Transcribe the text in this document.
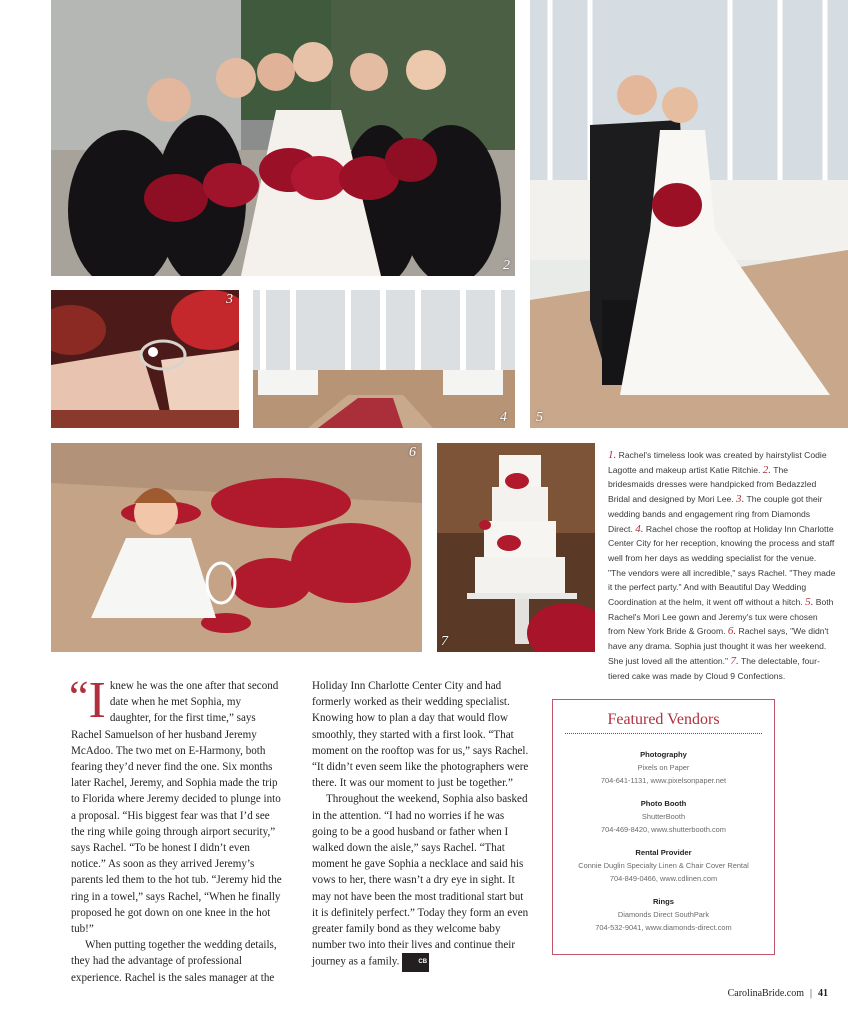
2
5
3
4
6
7
1. Rachel's timeless look was created by hairstylist Codie Lagotte and makeup artist Katie Ritchie. 2. The bridesmaids dresses were handpicked from Bedazzled Bridal and designed by Mori Lee. 3. The couple got their wedding bands and engagement ring from Diamonds Direct. 4. Rachel chose the rooftop at Holiday Inn Charlotte Center City for her reception, knowing the process and staff well from her days as wedding specialist for the venue. "The vendors were all incredible," says Rachel. "They made it the perfect party." And with Beautiful Day Wedding Coordination at the helm, it went off without a hitch. 5. Both Rachel's Mori Lee gown and Jeremy's tux were chosen from New York Bride & Groom. 6. Rachel says, "We didn't have any drama. Sophia just thought it was her weekend. She just loved all the attention." 7. The delectable, four-tiered cake was made by Cloud 9 Confections.
“ I knew he was the one after that second date when he met Sophia, my daughter, for the first time,” says Rachel Samuelson of her husband Jeremy McAdoo. The two met on E-Harmony, both fearing they’d never find the one. Six months later Rachel, Jeremy, and Sophia made the trip to Florida where Jeremy decided to plunge into a proposal. “His biggest fear was that I’d see the ring while going through airport security,” says Rachel. “To be honest I didn’t even notice.” As soon as they arrived Jeremy’s parents led them to the hot tub. “Jeremy hid the ring in a towel,” says Rachel, “When he finally proposed he got down on one knee in the hot tub!”

When putting together the wedding details, they had the advantage of professional experience. Rachel is the sales manager at the

Holiday Inn Charlotte Center City and had formerly worked as their wedding specialist. Knowing how to plan a day that would flow smoothly, they started with a first look. “That moment on the rooftop was for us,” says Rachel. “It didn’t even seem like the photographers were there. It was our moment to just be together.”

Throughout the weekend, Sophia also basked in the attention. “I had no worries if he was going to be a good husband or father when I walked down the aisle,” says Rachel. “That moment he gave Sophia a necklace and said his vows to her, there wasn’t a dry eye in sight. It may not have been the most traditional start but it is definitely perfect.” Today they form an even greater family bond as they welcome baby number two into their lives and continue their journey as a family.	CB

Featured Vendors
Photography
Pixels on Paper
704-641-1131, www.pixelsonpaper.net
Photo Booth
ShutterBooth
704-469-8420, www.shutterbooth.com
Rental Provider
Connie Duglin Specialty Linen & Chair Cover Rental
704-849-0466, www.cdlinen.com
Rings
Diamonds Direct SouthPark
704-532-9041, www.diamonds-direct.com
CarolinaBride.com | 41
